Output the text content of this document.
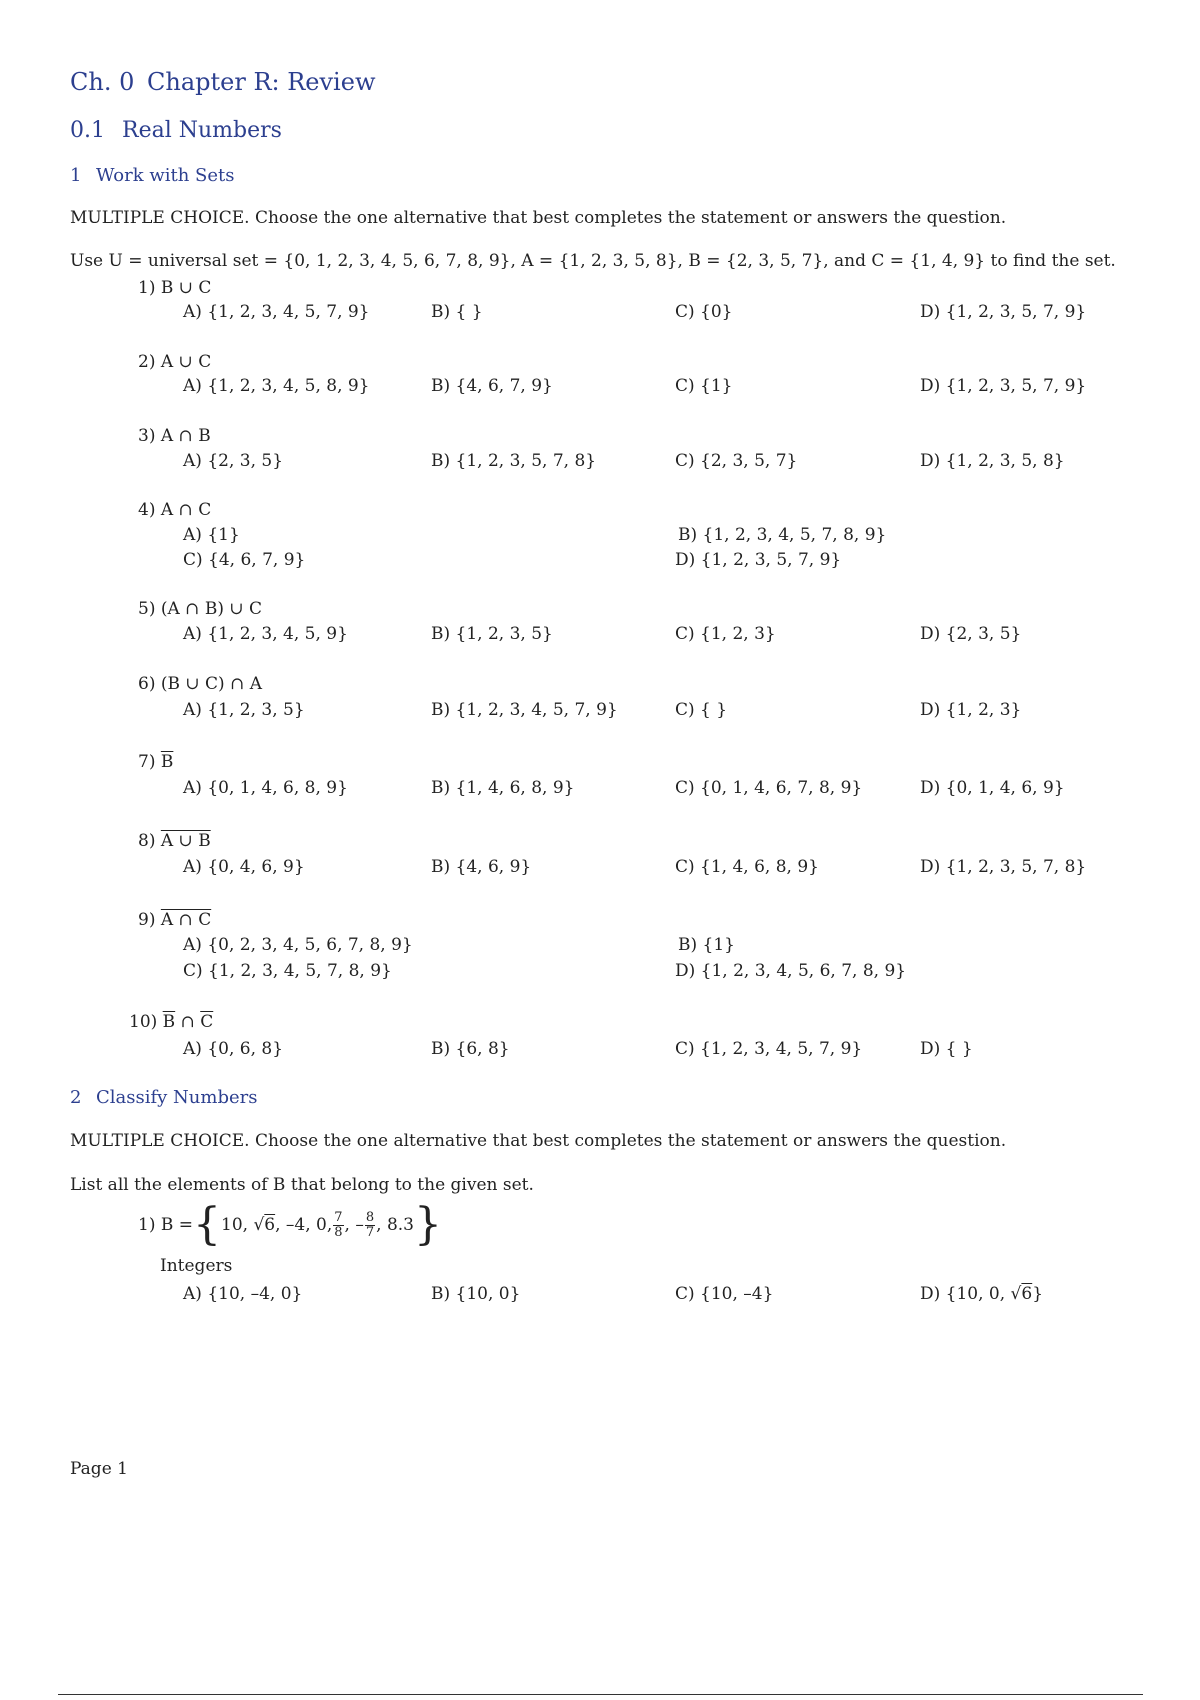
Ch. 0 Chapter R: Review
0.1 Real Numbers
1 Work with Sets
MULTIPLE CHOICE. Choose the one alternative that best completes the statement or answers the question.
Use U = universal set = {0, 1, 2, 3, 4, 5, 6, 7, 8, 9}, A = {1, 2, 3, 5, 8}, B = {2, 3, 5, 7}, and C = {1, 4, 9} to find the set.
1) B ∪ C
A) {1, 2, 3, 4, 5, 7, 9}	B) { }	C) {0}	D) {1, 2, 3, 5, 7, 9}
2) A ∪ C
A) {1, 2, 3, 4, 5, 8, 9}	B) {4, 6, 7, 9}	C) {1}	D) {1, 2, 3, 5, 7, 9}
3) A ∩ B
A) {2, 3, 5}	B) {1, 2, 3, 5, 7, 8}	C) {2, 3, 5, 7}	D) {1, 2, 3, 5, 8}
4) A ∩ C
A) {1}	B) {1, 2, 3, 4, 5, 7, 8, 9}
C) {4, 6, 7, 9}	D) {1, 2, 3, 5, 7, 9}
5) (A ∩ B) ∪ C
A) {1, 2, 3, 4, 5, 9}	B) {1, 2, 3, 5}	C) {1, 2, 3}	D) {2, 3, 5}
6) (B ∪ C) ∩ A
A) {1, 2, 3, 5}	B) {1, 2, 3, 4, 5, 7, 9}	C) { }	D) {1, 2, 3}
7) $\overline{B}$
A) {0, 1, 4, 6, 8, 9}	B) {1, 4, 6, 8, 9}	C) {0, 1, 4, 6, 7, 8, 9}	D) {0, 1, 4, 6, 9}
8) A ∪ B
A) {0, 4, 6, 9}	B) {4, 6, 9}	C) {1, 4, 6, 8, 9}	D) {1, 2, 3, 5, 7, 8}
9) A ∩ C
A) {0, 2, 3, 4, 5, 6, 7, 8, 9}	B) {1}
C) {1, 2, 3, 4, 5, 7, 8, 9}	D) {1, 2, 3, 4, 5, 6, 7, 8, 9}
10) $\overline{B}$ ∩ $\overline{C}$
A) {0, 6, 8}	B) {6, 8}	C) {1, 2, 3, 4, 5, 7, 9}	D) { }
2 Classify Numbers
MULTIPLE CHOICE. Choose the one alternative that best completes the statement or answers the question.
List all the elements of B that belong to the given set.
1) B = { 10, √ 6 , –4, 0, $\frac{7}{8}$ , – $\frac{8}{7}$ , 8.3 }
Integers
A) {10, –4, 0}	B) {10, 0}	C) {10, –4}	D) {10, 0, √6}
Page 1
